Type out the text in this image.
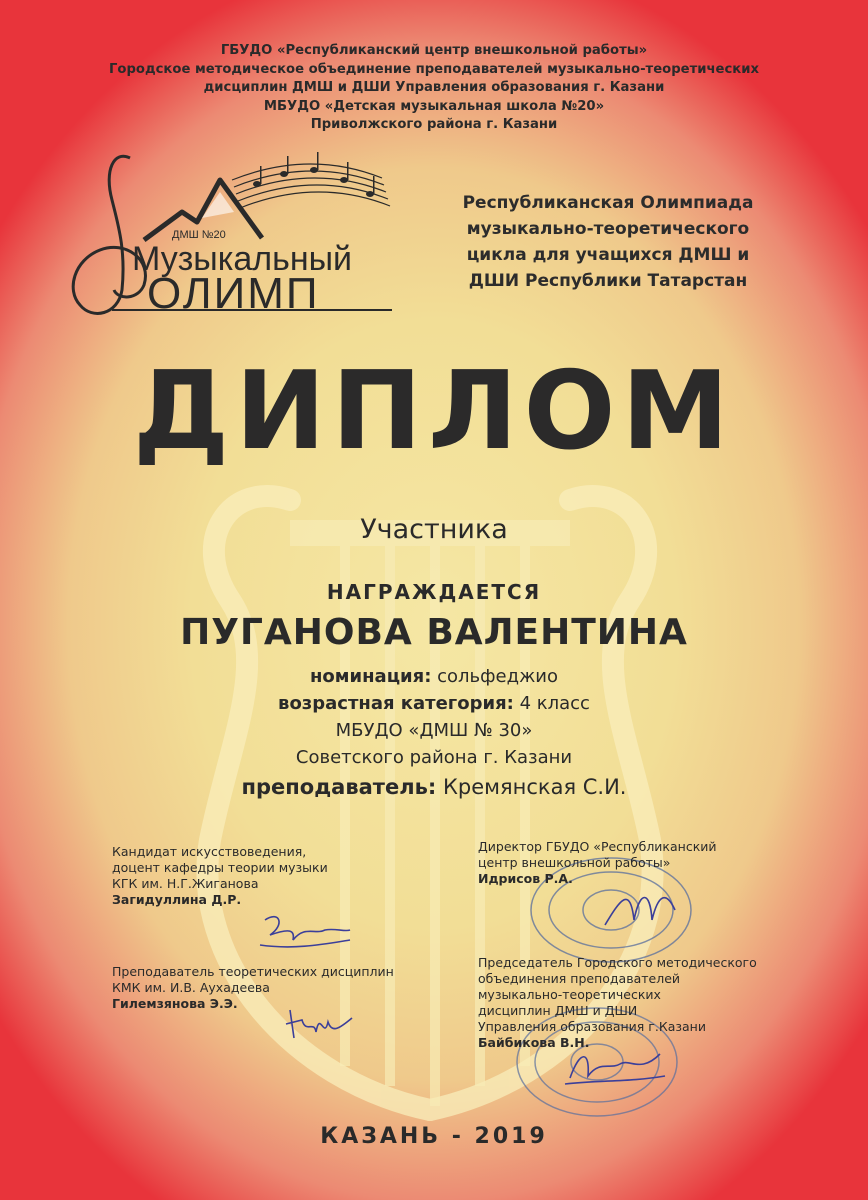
ГБУДО «Республиканский центр внешкольной работы»
Городское методическое объединение преподавателей музыкально-теоретических
дисциплин ДМШ и ДШИ Управления образования г. Казани
МБУДО «Детская музыкальная школа №20»
Приволжского района г. Казани
ДМШ №20
Музыкальный
ОЛИМП
Республиканская Олимпиада
музыкально-теоретического
цикла для учащихся ДМШ и
ДШИ Республики Татарстан
ДИПЛОМ
Участника
НАГРАЖДАЕТСЯ
ПУГАНОВА ВАЛЕНТИНА
номинация: сольфеджио
возрастная категория: 4 класс
МБУДО «ДМШ № 30»
Советского района г. Казани
преподаватель: Кремянская С.И.
Кандидат искусствоведения,
доцент кафедры теории музыки
КГК им. Н.Г.Жиганова
Загидуллина Д.Р.
Директор ГБУДО «Республиканский
центр внешкольной работы»
Идрисов Р.А.
Преподаватель теоретических дисциплин
КМК им. И.В. Аухадеева
Гилемзянова Э.Э.
Председатель Городского методического
объединения преподавателей
музыкально-теоретических
дисциплин ДМШ и ДШИ
Управления образования г.Казани
Байбикова В.Н.
КАЗАНЬ - 2019
